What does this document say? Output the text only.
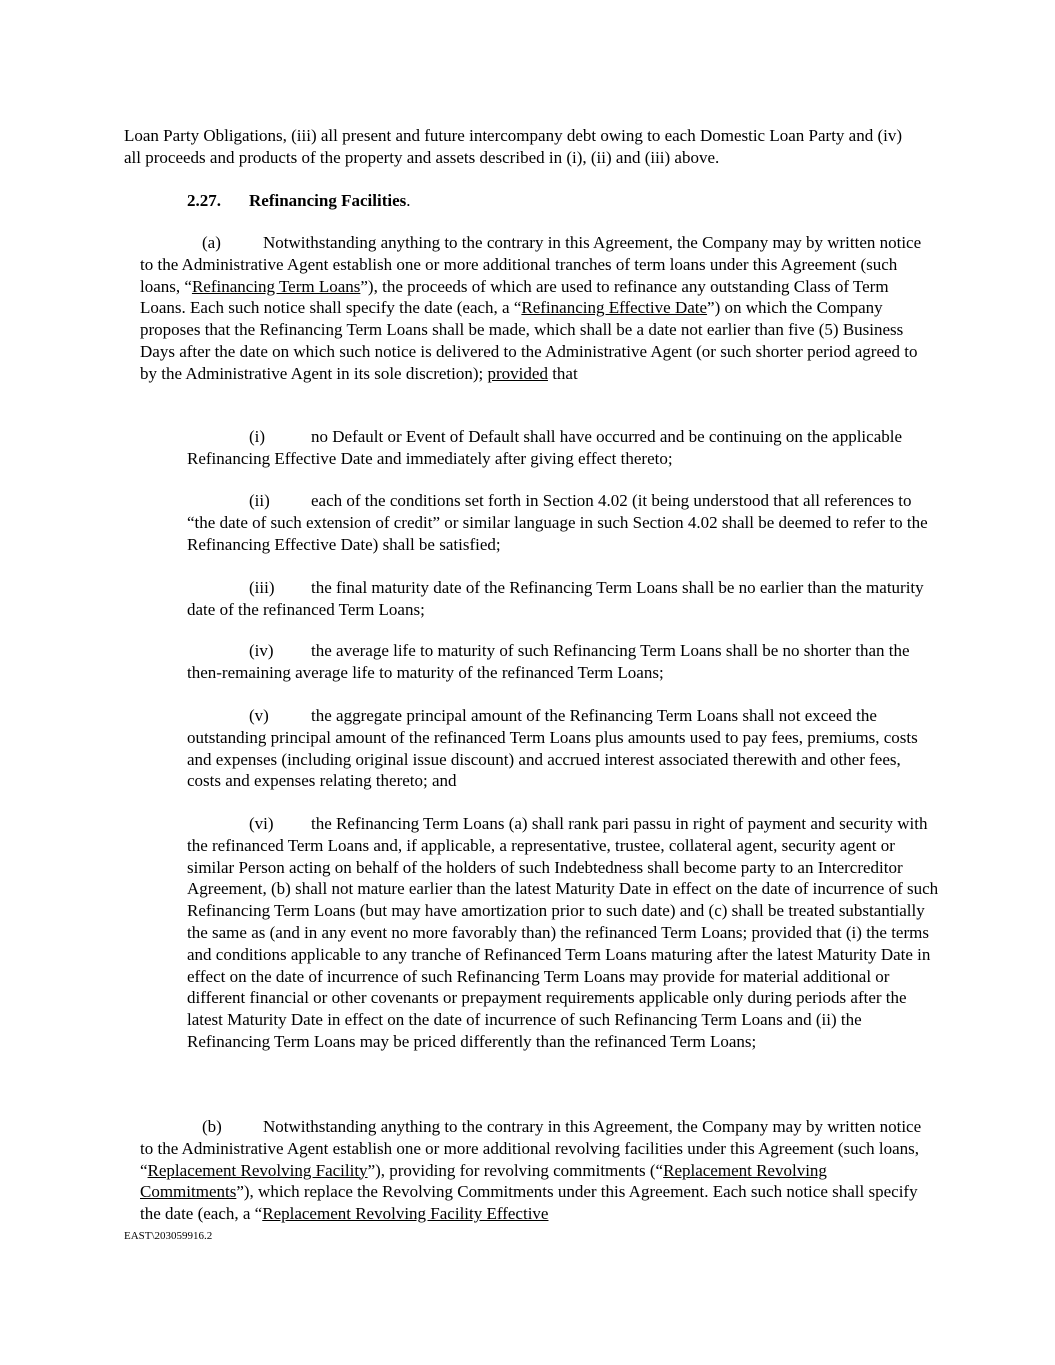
Loan Party Obligations, (iii) all present and future intercompany debt owing to each Domestic Loan Party and (iv) all proceeds and products of the property and assets described in (i), (ii) and (iii) above.

2.27. Refinancing Facilities.

(a) Notwithstanding anything to the contrary in this Agreement, the Company may by written notice to the Administrative Agent establish one or more additional tranches of term loans under this Agreement (such loans, “Refinancing Term Loans”), the proceeds of which are used to refinance any outstanding Class of Term Loans. Each such notice shall specify the date (each, a “Refinancing Effective Date”) on which the Company proposes that the Refinancing Term Loans shall be made, which shall be a date not earlier than five (5) Business Days after the date on which such notice is delivered to the Administrative Agent (or such shorter period agreed to by the Administrative Agent in its sole discretion); provided that

(i)	no Default or Event of Default shall have occurred and be continuing on the applicable Refinancing Effective Date and immediately after giving effect thereto;

(ii) each of the conditions set forth in Section 4.02 (it being understood that all references to “the date of such extension of credit” or similar language in such Section 4.02 shall be deemed to refer to the Refinancing Effective Date) shall be satisfied;

(iii) the final maturity date of the Refinancing Term Loans shall be no earlier than the maturity date of the refinanced Term Loans;

(iv) the average life to maturity of such Refinancing Term Loans shall be no shorter than the then-remaining average life to maturity of the refinanced Term Loans;

(v) the aggregate principal amount of the Refinancing Term Loans shall not exceed the outstanding principal amount of the refinanced Term Loans plus amounts used to pay fees, premiums, costs and expenses (including original issue discount) and accrued interest associated therewith and other fees, costs and expenses relating thereto; and

(vi) the Refinancing Term Loans (a) shall rank pari passu in right of payment and security with the refinanced Term Loans and, if applicable, a representative, trustee, collateral agent, security agent or similar Person acting on behalf of the holders of such Indebtedness shall become party to an Intercreditor Agreement, (b) shall not mature earlier than the latest Maturity Date in effect on the date of incurrence of such Refinancing Term Loans (but may have amortization prior to such date) and (c) shall be treated substantially the same as (and in any event no more favorably than) the refinanced Term Loans; provided that (i) the terms and conditions applicable to any tranche of Refinanced Term Loans maturing after the latest Maturity Date in effect on the date of incurrence of such Refinancing Term Loans may provide for material additional or different financial or other covenants or prepayment requirements applicable only during periods after the latest Maturity Date in effect on the date of incurrence of such Refinancing Term Loans and (ii) the Refinancing Term Loans may be priced differently than the refinanced Term Loans;

(b) Notwithstanding anything to the contrary in this Agreement, the Company may by written notice to the Administrative Agent establish one or more additional revolving facilities under this Agreement (such loans, “Replacement Revolving Facility”), providing for revolving commitments (“Replacement Revolving Commitments”), which replace the Revolving Commitments under this Agreement. Each such notice shall specify the date (each, a “Replacement Revolving Facility Effective

EAST\203059916.2
